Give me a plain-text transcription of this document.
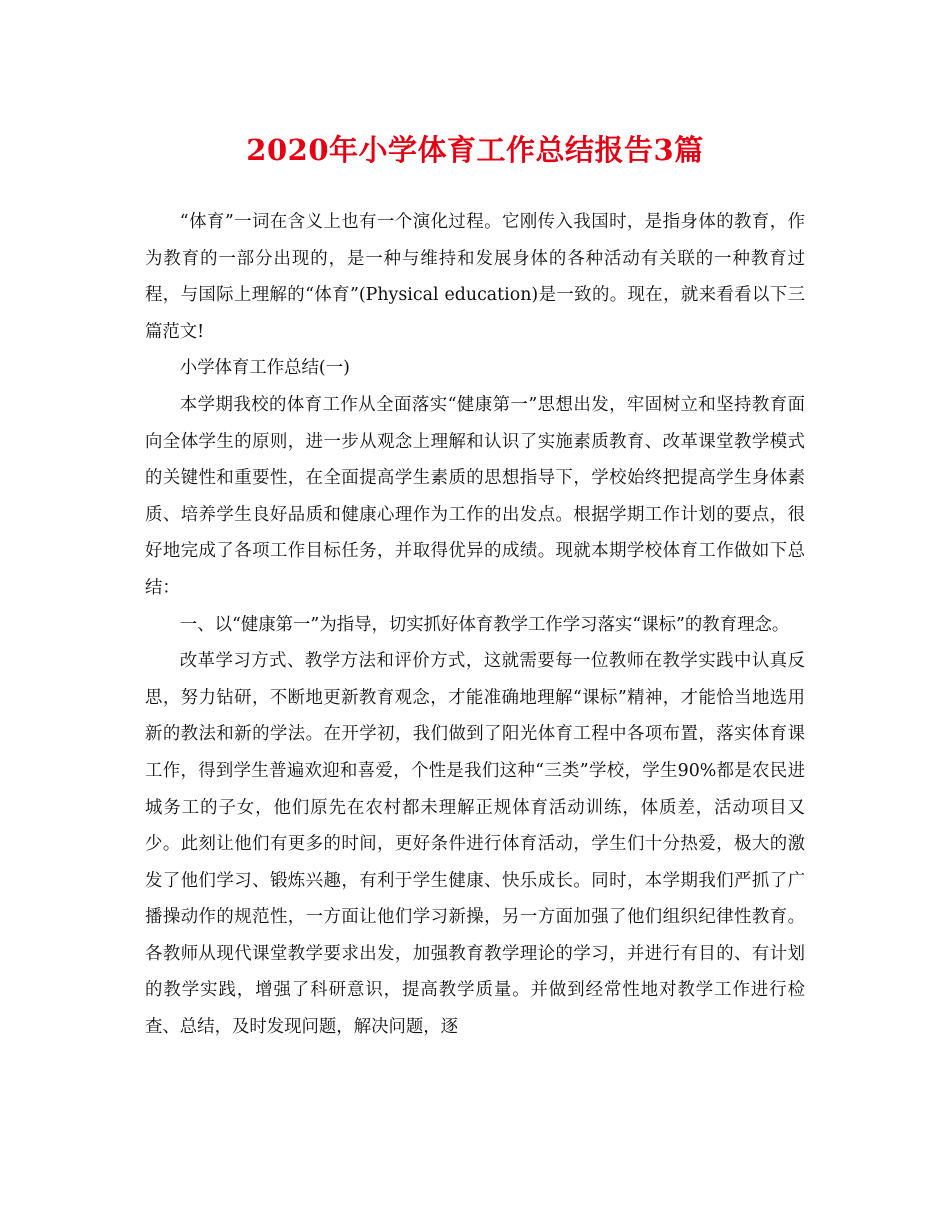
2020年小学体育工作总结报告3篇

“体育”一词在含义上也有一个演化过程。它刚传入我国时，是指身体的教育，作为教育的一部分出现的，是一种与维持和发展身体的各种活动有关联的一种教育过程，与国际上理解的“体育”(Physical education)是一致的。现在，就来看看以下三篇范文!

小学体育工作总结(一)

本学期我校的体育工作从全面落实“健康第一”思想出发，牢固树立和坚持教育面向全体学生的原则，进一步从观念上理解和认识了实施素质教育、改革课堂教学模式的关键性和重要性，在全面提高学生素质的思想指导下，学校始终把提高学生身体素质、培养学生良好品质和健康心理作为工作的出发点。根据学期工作计划的要点，很好地完成了各项工作目标任务，并取得优异的成绩。现就本期学校体育工作做如下总结：

一、以“健康第一”为指导，切实抓好体育教学工作学习落实“课标”的教育理念。

改革学习方式、教学方法和评价方式，这就需要每一位教师在教学实践中认真反思，努力钻研，不断地更新教育观念，才能准确地理解“课标”精神，才能恰当地选用新的教法和新的学法。在开学初，我们做到了阳光体育工程中各项布置，落实体育课工作，得到学生普遍欢迎和喜爱，个性是我们这种“三类”学校，学生90%都是农民进城务工的子女，他们原先在农村都未理解正规体育活动训练，体质差，活动项目又少。此刻让他们有更多的时间，更好条件进行体育活动，学生们十分热爱，极大的激发了他们学习、锻炼兴趣，有利于学生健康、快乐成长。同时，本学期我们严抓了广播操动作的规范性，一方面让他们学习新操，另一方面加强了他们组织纪律性教育。各教师从现代课堂教学要求出发，加强教育教学理论的学习，并进行有目的、有计划的教学实践，增强了科研意识，提高教学质量。并做到经常性地对教学工作进行检查、总结，及时发现问题，解决问题，逐
